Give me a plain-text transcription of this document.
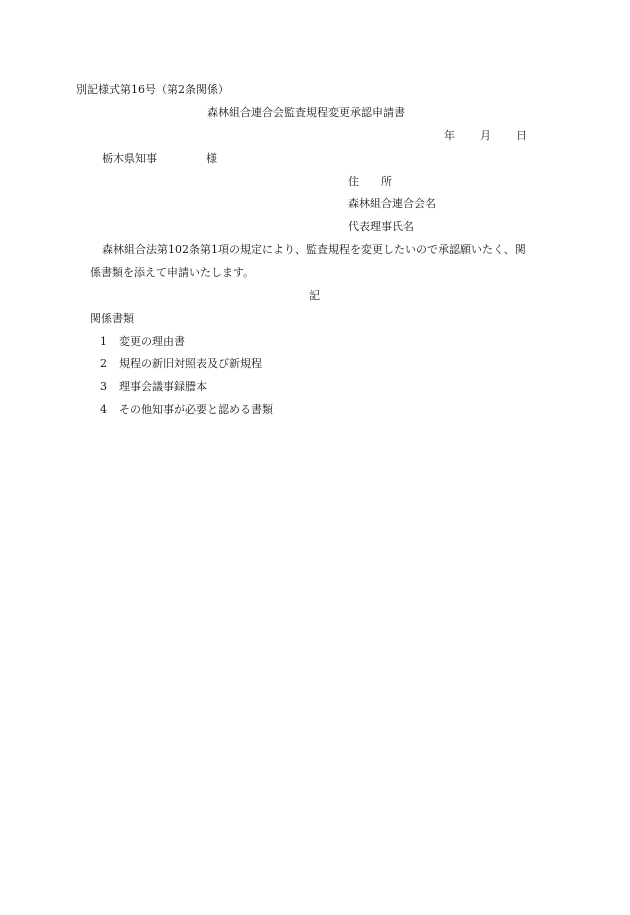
別記様式第16号（第2条関係）
森林組合連合会監査規程変更承認申請書
年 月 日
栃木県知事	様
住 所
森林組合連合会名
代表理事氏名
森林組合法第102条第1項の規定により、監査規程を変更したいので承認願いたく、関
係書類を添えて申請いたします。
記
関係書類
1 変更の理由書
2 規程の新旧対照表及び新規程
3 理事会議事録謄本
4 その他知事が必要と認める書類
